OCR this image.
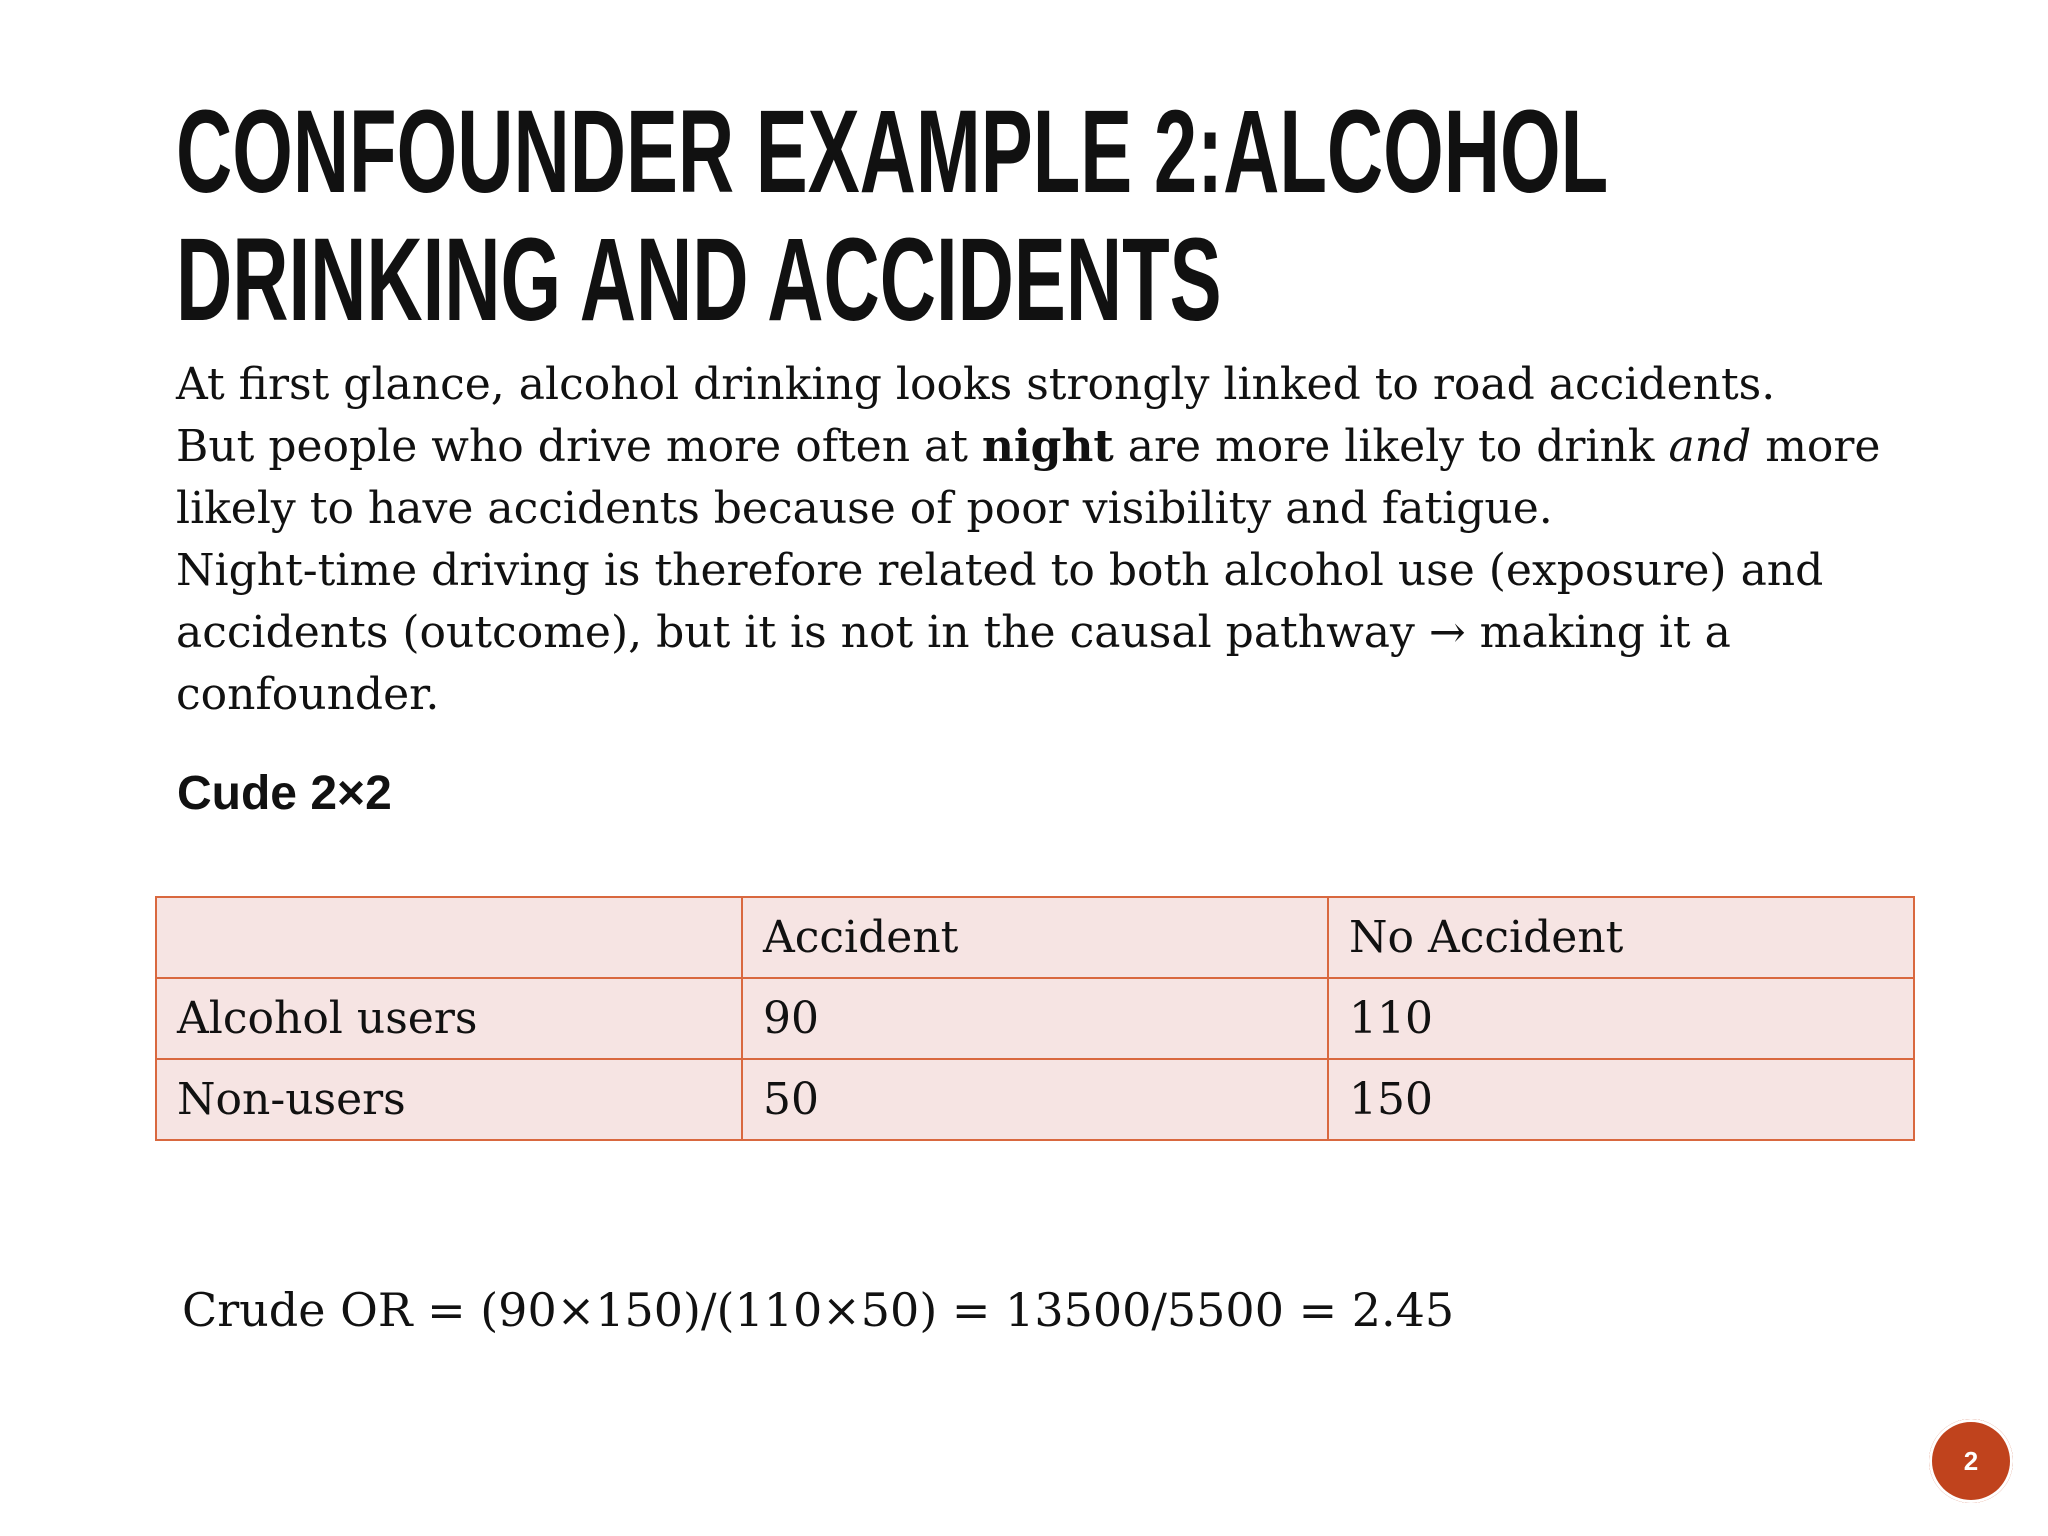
CONFOUNDER EXAMPLE 2:ALCOHOL
DRINKING AND ACCIDENTS

At first glance, alcohol drinking looks strongly linked to road accidents.

But people who drive more often at night are more likely to drink and more

likely to have accidents because of poor visibility and fatigue.

Night-time driving is therefore related to both alcohol use (exposure) and

accidents (outcome), but it is not in the causal pathway → making it a

confounder.

Cude 2×2
	Accident	No Accident
Alcohol users	90	110
Non-users	50	150
Crude OR = (90×150)/(110×50) = 13500/5500 = 2.45
2
